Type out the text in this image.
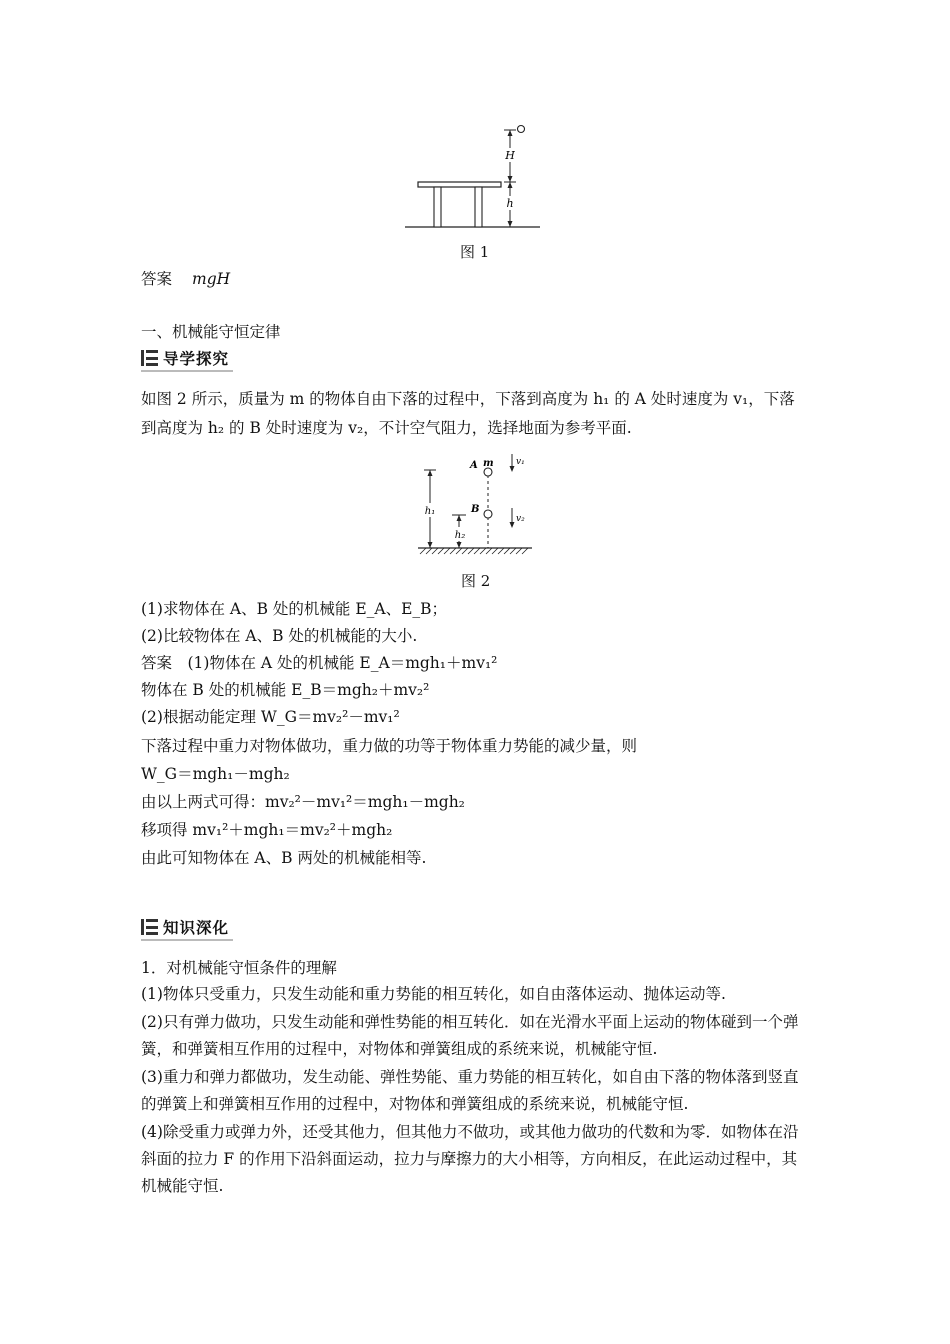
H
h
图 1
答案 mgH
一、机械能守恒定律
导学探究
如图 2 所示，质量为 m 的物体自由下落的过程中，下落到高度为 h₁ 的 A 处时速度为 v₁，下落
到高度为 h₂ 的 B 处时速度为 v₂，不计空气阻力，选择地面为参考平面.
h₁
h₂
A m
B
v₁
v₂
图 2
(1)求物体在 A、B 处的机械能 E_A、E_B；
(2)比较物体在 A、B 处的机械能的大小.
答案　(1)物体在 A 处的机械能 E_A＝mgh₁＋mv₁²
物体在 B 处的机械能 E_B＝mgh₂＋mv₂²
(2)根据动能定理 W_G＝mv₂²－mv₁²
下落过程中重力对物体做功，重力做的功等于物体重力势能的减少量，则
W_G＝mgh₁－mgh₂
由以上两式可得：mv₂²－mv₁²＝mgh₁－mgh₂
移项得 mv₁²＋mgh₁＝mv₂²＋mgh₂
由此可知物体在 A、B 两处的机械能相等.
知识深化
1．对机械能守恒条件的理解
(1)物体只受重力，只发生动能和重力势能的相互转化，如自由落体运动、抛体运动等.
(2)只有弹力做功，只发生动能和弹性势能的相互转化．如在光滑水平面上运动的物体碰到一个弹簧，和弹簧相互作用的过程中，对物体和弹簧组成的系统来说，机械能守恒.
(3)重力和弹力都做功，发生动能、弹性势能、重力势能的相互转化，如自由下落的物体落到竖直的弹簧上和弹簧相互作用的过程中，对物体和弹簧组成的系统来说，机械能守恒.
(4)除受重力或弹力外，还受其他力，但其他力不做功，或其他力做功的代数和为零．如物体在沿斜面的拉力 F 的作用下沿斜面运动，拉力与摩擦力的大小相等，方向相反，在此运动过程中，其机械能守恒.
